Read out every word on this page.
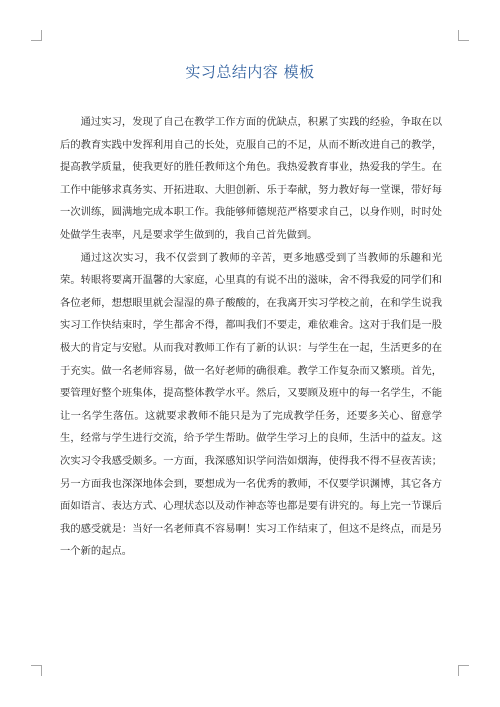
实习总结内容 模板

通过实习，发现了自己在教学工作方面的优缺点，积累了实践的经验，争取在以后的教育实践中发挥利用自己的长处，克服自己的不足，从而不断改进自己的教学，提高教学质量，使我更好的胜任教师这个角色。我热爱教育事业，热爱我的学生。在工作中能够求真务实、开拓进取、大胆创新、乐于奉献，努力教好每一堂课，带好每一次训练，圆满地完成本职工作。我能够师德规范严格要求自己，以身作则，时时处处做学生表率，凡是要求学生做到的，我自己首先做到。

通过这次实习，我不仅尝到了教师的辛苦，更多地感受到了当教师的乐趣和光荣。转眼将要离开温馨的大家庭，心里真的有说不出的滋味，舍不得我爱的同学们和各位老师，想想眼里就会湿湿的鼻子酸酸的，在我离开实习学校之前，在和学生说我实习工作快结束时，学生都舍不得，都叫我们不要走，难依难舍。这对于我们是一股极大的肯定与安慰。从而我对教师工作有了新的认识：与学生在一起，生活更多的在于充实。做一名老师容易，做一名好老师的确很难。教学工作复杂而又繁琐。首先，要管理好整个班集体，提高整体教学水平。然后，又要顾及班中的每一名学生，不能让一名学生落伍。这就要求教师不能只是为了完成教学任务，还要多关心、留意学生，经常与学生进行交流，给予学生帮助。做学生学习上的良师，生活中的益友。这次实习令我感受颇多。一方面，我深感知识学问浩如烟海，使得我不得不昼夜苦读；另一方面我也深深地体会到，要想成为一名优秀的教师，不仅要学识渊博，其它各方面如语言、表达方式、心理状态以及动作神态等也都是要有讲究的。每上完一节课后我的感受就是：当好一名老师真不容易啊！实习工作结束了，但这不是终点，而是另一个新的起点。
